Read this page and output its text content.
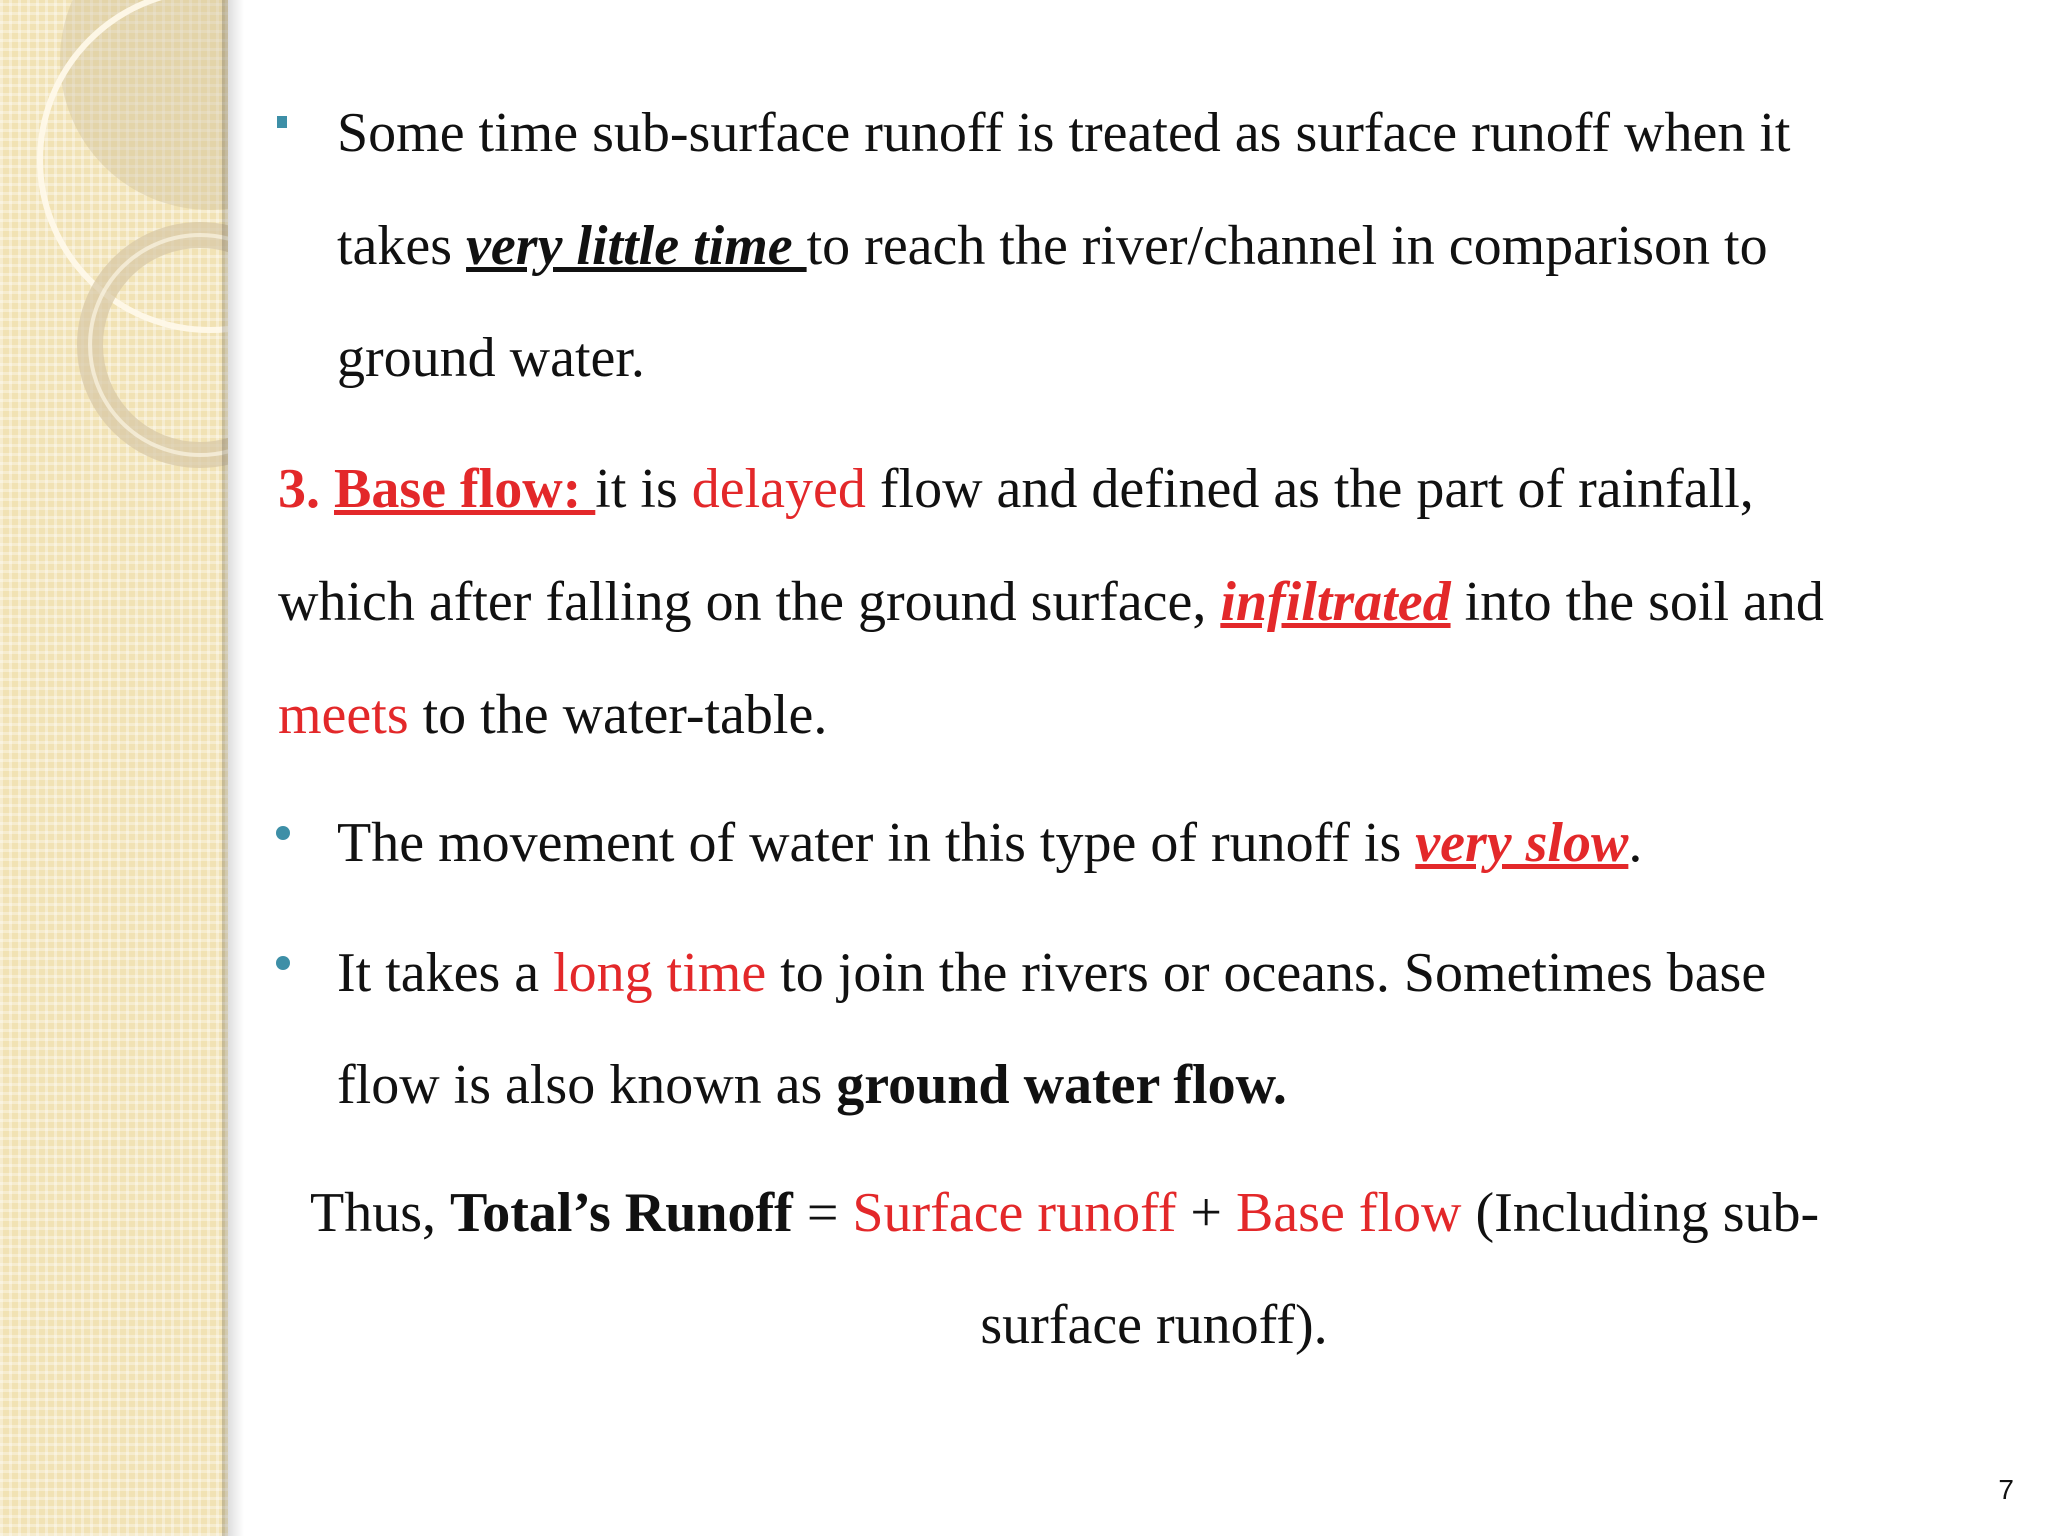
Some time sub-surface runoff is treated as surface runoff when it
takes very little time to reach the river/channel in comparison to
ground water.
3. Base flow: it is delayed flow and defined as the part of rainfall,
which after falling on the ground surface, infiltrated into the soil and
meets to the water-table.
The movement of water in this type of runoff is very slow.
It takes a long time to join the rivers or oceans. Sometimes base
flow is also known as ground water flow.
Thus, Total’s Runoff = Surface runoff + Base flow (Including sub-
surface runoff).
7
